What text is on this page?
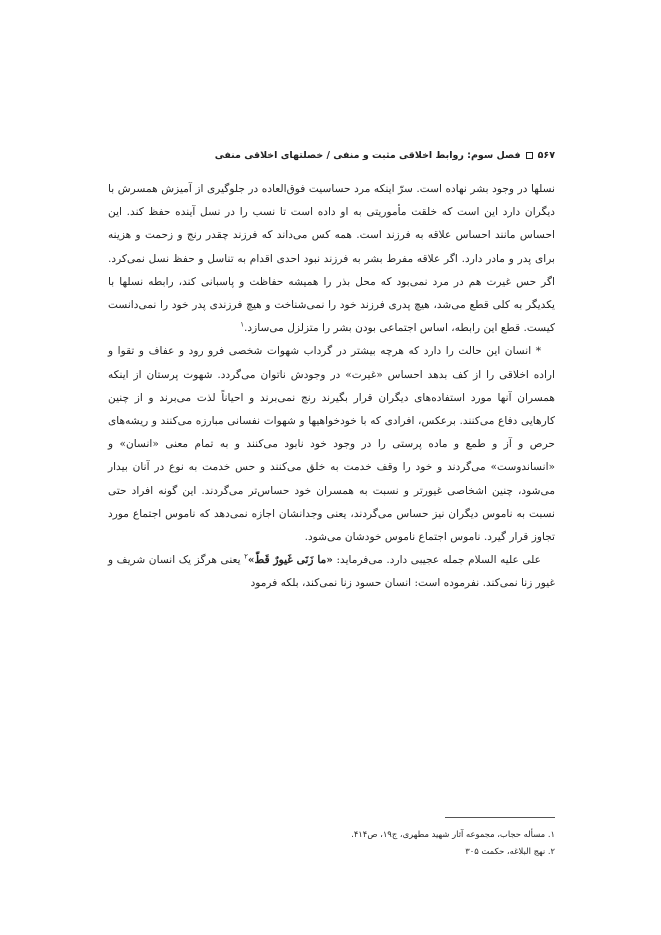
۵۶۷
فصل سوم: روابط اخلاقی مثبت و منفی / خصلتهای اخلاقی منفی

نسلها در وجود بشر نهاده است. سرّ اینکه مرد حساسیت فوق‌العاده در جلوگیری از آمیزش همسرش با دیگران دارد این است که خلقت مأموریتی به او داده است تا نسب را در نسل آینده حفظ کند. این احساس مانند احساس علاقه به فرزند است. همه کس می‌داند که فرزند چقدر رنج و زحمت و هزینه برای پدر و مادر دارد. اگر علاقه مفرط بشر به فرزند نبود احدی اقدام به تناسل و حفظ نسل نمی‌کرد. اگر حس غیرت هم در مرد نمی‌بود که محل بذر را همیشه حفاظت و پاسبانی کند، رابطه نسلها با یکدیگر به کلی قطع می‌شد، هیچ پدری فرزند خود را نمی‌شناخت و هیچ فرزندی پدر خود را نمی‌دانست کیست. قطع این رابطه، اساس اجتماعی بودن بشر را متزلزل می‌سازد.$^۱$

* انسان این حالت را دارد که هرچه بیشتر در گرداب شهوات شخصی فرو رود و عفاف و تقوا و اراده اخلاقی را از کف بدهد احساس «غیرت» در وجودش ناتوان می‌گردد. شهوت پرستان از اینکه همسران آنها مورد استفاده‌های دیگران قرار بگیرند رنج نمی‌برند و احیاناً لذت می‌برند و از چنین کارهایی دفاع می‌کنند. برعکس، افرادی که با خودخواهیها و شهوات نفسانی مبارزه می‌کنند و ریشه‌های حرص و آز و طمع و ماده پرستی را در وجود خود نابود می‌کنند و به تمام معنی «انسان» و «انساندوست» می‌گردند و خود را وقف خدمت به خلق می‌کنند و حس خدمت به نوع در آنان بیدار می‌شود، چنین اشخاصی غیورتر و نسبت به همسران خود حساس‌تر می‌گردند. این گونه افراد حتی نسبت به ناموس دیگران نیز حساس می‌گردند، یعنی وجدانشان اجازه نمی‌دهد که ناموس اجتماع مورد تجاوز قرار گیرد. ناموس اجتماع ناموس خودشان می‌شود.

علی علیه السلام جمله عجیبی دارد. می‌فرماید: «ما زَنَى غَيورٌ قَطّ»$^۲$ یعنی هرگز یک انسان شریف و غیور زنا نمی‌کند. نفرموده است: انسان حسود زنا نمی‌کند، بلکه فرمود

۱. مسأله حجاب، مجموعه آثار شهید مطهری، ج۱۹، ص۴۱۴.
۲. نهج البلاغه، حکمت ۳۰۵
